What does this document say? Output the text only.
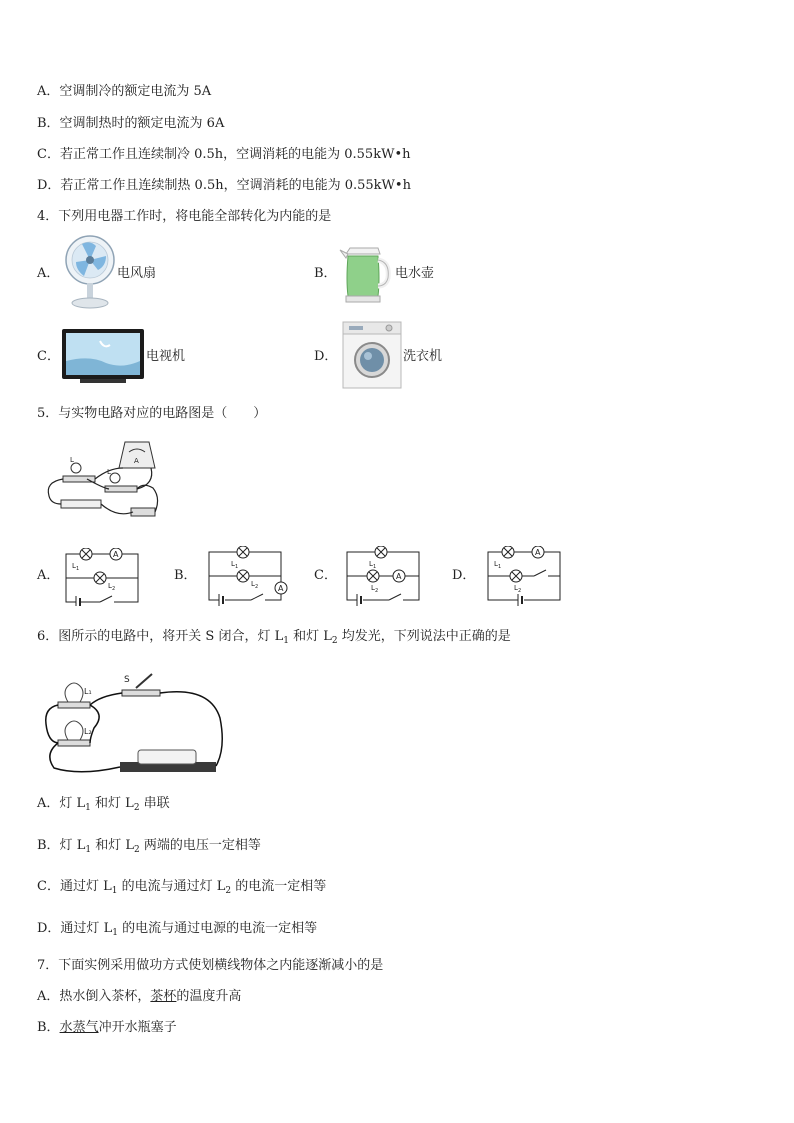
A．空调制冷的额定电流为 5A
B．空调制热时的额定电流为 6A
C．若正常工作且连续制冷 0.5h，空调消耗的电能为 0.55kW•h
D．若正常工作且连续制热 0.5h，空调消耗的电能为 0.55kW•h
4．下列用电器工作时，将电能全部转化为内能的是
A．	电风扇	B．	电水壶
C．	电视机	D．	洗衣机
5．与实物电路对应的电路图是（　　）
A
L
L
A．
A
L 1
L 2
B．
A
L 1
L 2
C．	A
L 1
L 2
D．
A
L 1
L 2
6．图所示的电路中，将开关 S 闭合，灯 $L_1$ 和灯 $L_2$ 均发光，下列说法中正确的是
S
L₁
L₂
A．灯 $L_1$ 和灯 $L_2$ 串联
B．灯 $L_1$ 和灯 $L_2$ 两端的电压一定相等
C．通过灯 $L_1$ 的电流与通过灯 $L_2$ 的电流一定相等
D．通过灯 $L_1$ 的电流与通过电源的电流一定相等
7．下面实例采用做功方式使划横线物体之内能逐渐减小的是
A．热水倒入茶杯，茶杯的温度升高
B．水蒸气冲开水瓶塞子
